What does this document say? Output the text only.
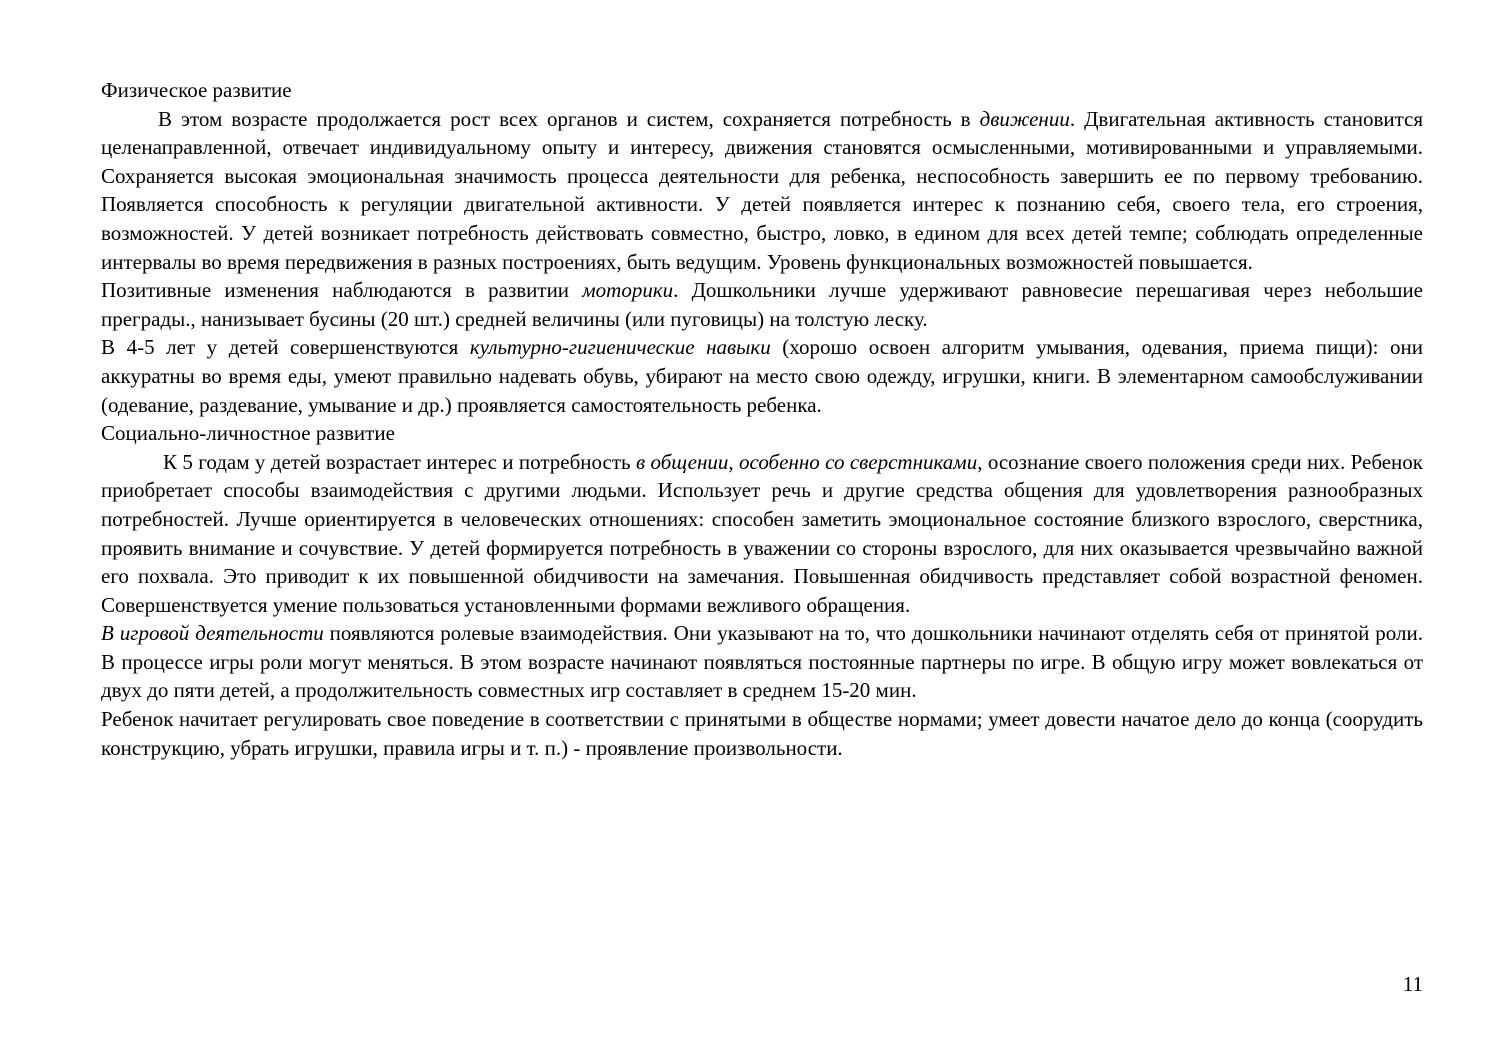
Физическое развитие

В этом возрасте продолжается рост всех органов и систем, сохраняется потребность в движении. Двигательная активность становится целенаправленной, отвечает индивидуальному опыту и интересу, движения становятся осмысленными, мотивированными и управляемыми. Сохраняется высокая эмоциональная значимость процесса деятельности для ребенка, неспособность завершить ее по первому требованию. Появляется способность к регуляции двигательной активности. У детей появляется интерес к познанию себя, своего тела, его строения, возможностей. У детей возникает потребность действовать совместно, быстро, ловко, в едином для всех детей темпе; соблюдать определенные интервалы во время передвижения в разных построениях, быть ведущим. Уровень функциональных возможностей повышается.

Позитивные изменения наблюдаются в развитии моторики. Дошкольники лучше удерживают равновесие перешагивая через небольшие преграды., нанизывает бусины (20 шт.) средней величины (или пуговицы) на толстую леску.

В 4-5 лет у детей совершенствуются культурно-гигиенические навыки (хорошо освоен алгоритм умывания, одевания, приема пищи): они аккуратны во время еды, умеют правильно надевать обувь, убирают на место свою одежду, игрушки, книги. В элементарном самообслуживании (одевание, раздевание, умывание и др.) проявляется самостоятельность ребенка.

Социально-личностное развитие

К 5 годам у детей возрастает интерес и потребность в общении, особенно со сверстниками, осознание своего положения среди них. Ребенок приобретает способы взаимодействия с другими людьми. Использует речь и другие средства общения для удовлетворения разнообразных потребностей. Лучше ориентируется в человеческих отношениях: способен заметить эмоциональное состояние близкого взрослого, сверстника, проявить внимание и сочувствие. У детей формируется потребность в уважении со стороны взрослого, для них оказывается чрезвычайно важной его похвала. Это приводит к их повышенной обидчивости на замечания. Повышенная обидчивость представляет собой возрастной феномен. Совершенствуется умение пользоваться установленными формами вежливого обращения.

В игровой деятельности появляются ролевые взаимодействия. Они указывают на то, что дошкольники начинают отделять себя от принятой роли. В процессе игры роли могут меняться. В этом возрасте начинают появляться постоянные партнеры по игре. В общую игру может вовлекаться от двух до пяти детей, а продолжительность совместных игр составляет в среднем 15-20 мин.

Ребенок начитает регулировать свое поведение в соответствии с принятыми в обществе нормами; умеет довести начатое дело до конца (соорудить конструкцию, убрать игрушки, правила игры и т. п.) - проявление произвольности.

11
